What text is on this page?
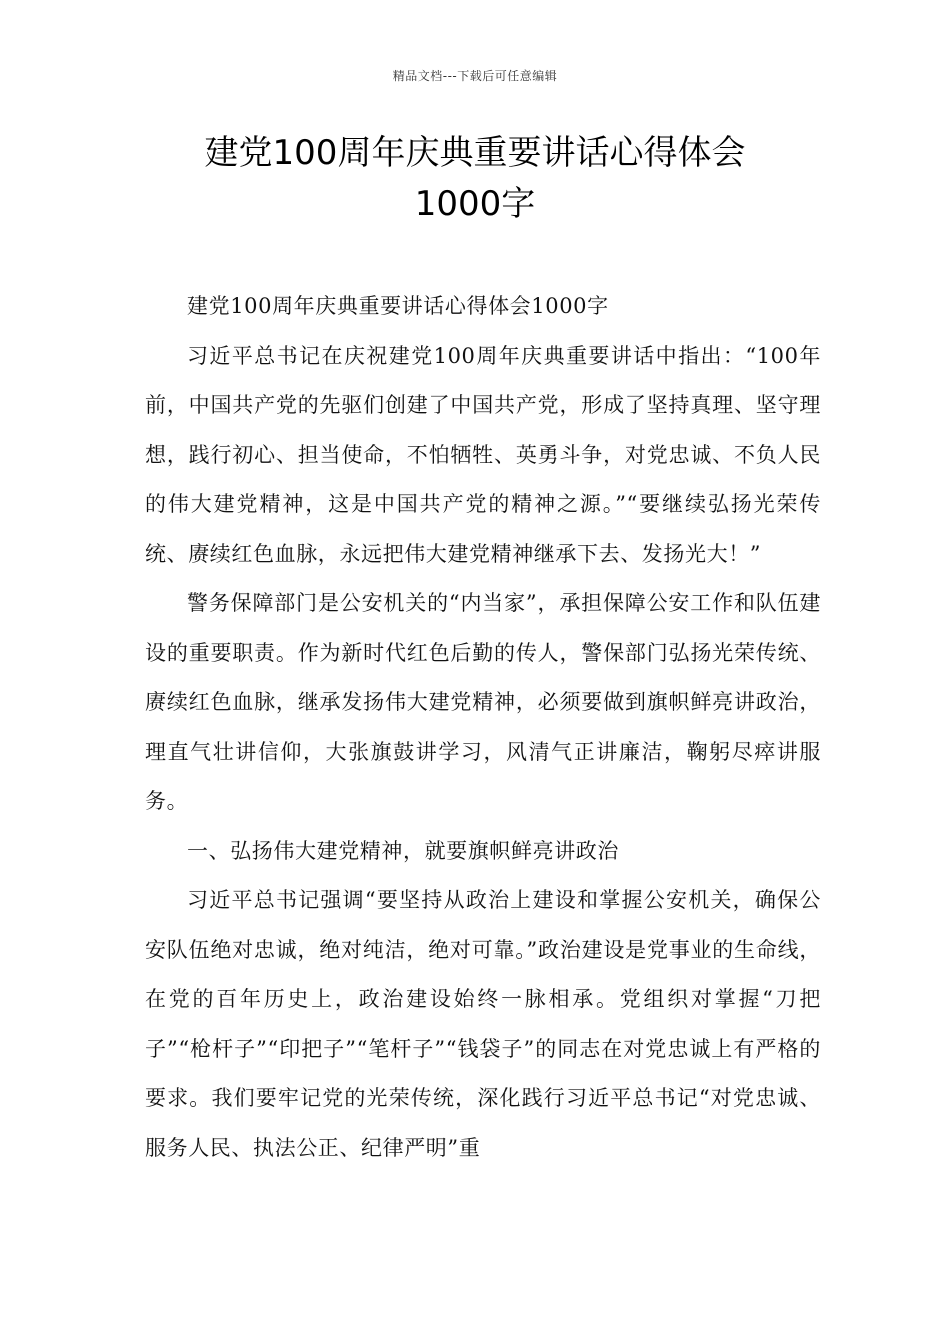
精品文档---下载后可任意编辑
建党100周年庆典重要讲话心得体会
1000字

建党100周年庆典重要讲话心得体会1000字

习近平总书记在庆祝建党100周年庆典重要讲话中指出：“100年前，中国共产党的先驱们创建了中国共产党，形成了坚持真理、坚守理想，践行初心、担当使命，不怕牺牲、英勇斗争，对党忠诚、不负人民的伟大建党精神，这是中国共产党的精神之源。”“要继续弘扬光荣传统、赓续红色血脉，永远把伟大建党精神继承下去、发扬光大！”

警务保障部门是公安机关的“内当家”，承担保障公安工作和队伍建设的重要职责。作为新时代红色后勤的传人，警保部门弘扬光荣传统、赓续红色血脉，继承发扬伟大建党精神，必须要做到旗帜鲜亮讲政治，理直气壮讲信仰，大张旗鼓讲学习，风清气正讲廉洁，鞠躬尽瘁讲服务。

一、弘扬伟大建党精神，就要旗帜鲜亮讲政治

习近平总书记强调“要坚持从政治上建设和掌握公安机关，确保公安队伍绝对忠诚，绝对纯洁，绝对可靠。”政治建设是党事业的生命线，在党的百年历史上，政治建设始终一脉相承。党组织对掌握“刀把子”“枪杆子”“印把子”“笔杆子”“钱袋子”的同志在对党忠诚上有严格的要求。我们要牢记党的光荣传统，深化践行习近平总书记“对党忠诚、服务人民、执法公正、纪律严明”重
